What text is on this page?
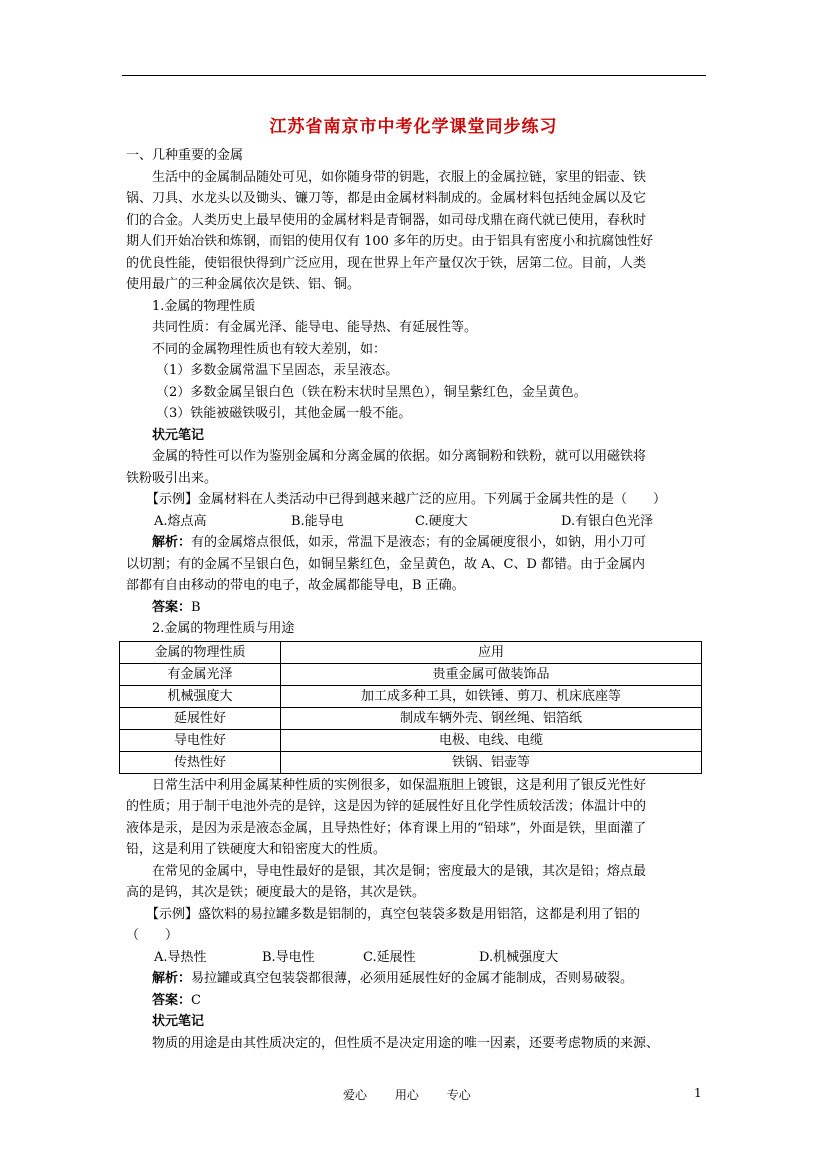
江苏省南京市中考化学课堂同步练习

一、几种重要的金属

生活中的金属制品随处可见，如你随身带的钥匙，衣服上的金属拉链，家里的铝壶、铁

锅、刀具、水龙头以及锄头、镰刀等，都是由金属材料制成的。金属材料包括纯金属以及它

们的合金。人类历史上最早使用的金属材料是青铜器，如司母戊鼎在商代就已使用，春秋时

期人们开始冶铁和炼钢，而铝的使用仅有 100 多年的历史。由于铝具有密度小和抗腐蚀性好

的优良性能，使铝很快得到广泛应用，现在世界上年产量仅次于铁，居第二位。目前，人类

使用最广的三种金属依次是铁、铝、铜。

1.金属的物理性质

共同性质：有金属光泽、能导电、能导热、有延展性等。

不同的金属物理性质也有较大差别，如：

（1）多数金属常温下呈固态，汞呈液态。

（2）多数金属呈银白色（铁在粉末状时呈黑色），铜呈紫红色，金呈黄色。

（3）铁能被磁铁吸引，其他金属一般不能。

状元笔记

金属的特性可以作为鉴别金属和分离金属的依据。如分离铜粉和铁粉，就可以用磁铁将

铁粉吸引出来。

【示例】金属材料在人类活动中已得到越来越广泛的应用。下列属于金属共性的是（　　）

A.熔点高	B.能导电	C.硬度大	D.有银白色光泽

解析：有的金属熔点很低，如汞，常温下是液态；有的金属硬度很小，如钠，用小刀可

以切割；有的金属不呈银白色，如铜呈紫红色，金呈黄色，故 A、C、D 都错。由于金属内

部都有自由移动的带电的电子，故金属都能导电，B 正确。

答案：B

2.金属的物理性质与用途

金属的物理性质	应用
有金属光泽	贵重金属可做装饰品
机械强度大	加工成多种工具，如铁锤、剪刀、机床底座等
延展性好	制成车辆外壳、钢丝绳、铝箔纸
导电性好	电极、电线、电缆
传热性好	铁锅、铝壶等

日常生活中利用金属某种性质的实例很多，如保温瓶胆上镀银，这是利用了银反光性好

的性质；用于制干电池外壳的是锌，这是因为锌的延展性好且化学性质较活泼；体温计中的

液体是汞，是因为汞是液态金属，且导热性好；体育课上用的“铅球”，外面是铁，里面灌了

铅，这是利用了铁硬度大和铅密度大的性质。

在常见的金属中，导电性最好的是银，其次是铜；密度最大的是锇，其次是铅；熔点最

高的是钨，其次是铁；硬度最大的是铬，其次是铁。

【示例】盛饮料的易拉罐多数是铝制的，真空包装袋多数是用铝箔，这都是利用了铝的

（　　）

A.导热性	B.导电性	C.延展性	D.机械强度大

解析：易拉罐或真空包装袋都很薄，必须用延展性好的金属才能制成，否则易破裂。

答案：C

状元笔记

物质的用途是由其性质决定的，但性质不是决定用途的唯一因素，还要考虑物质的来源、

爱心 用心 专心	1
